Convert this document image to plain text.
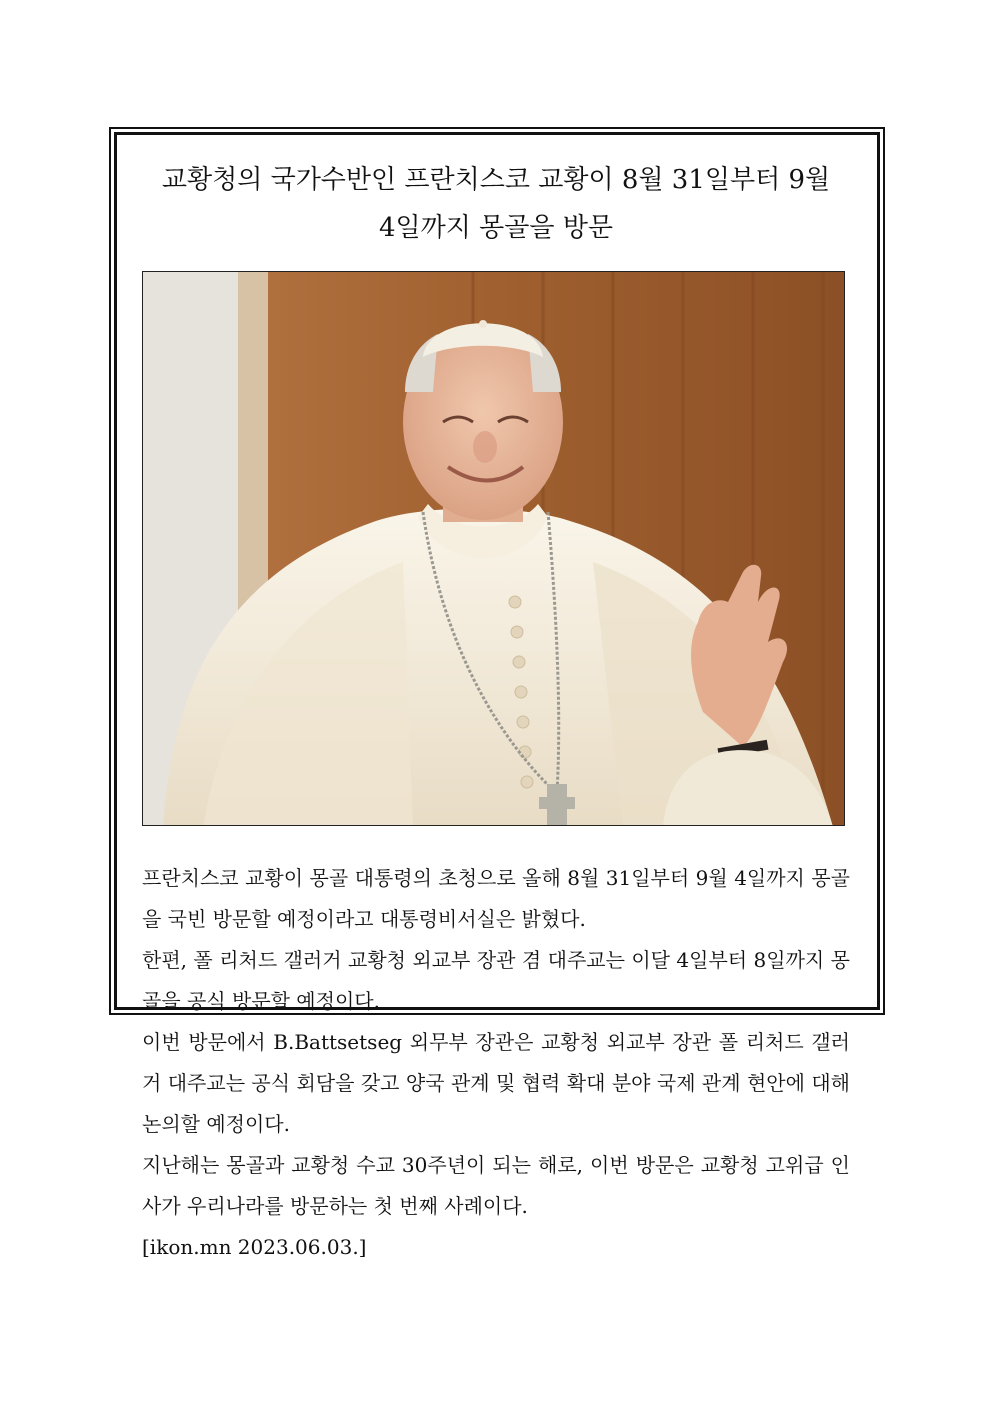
교황청의 국가수반인 프란치스코 교황이 8월 31일부터 9월
4일까지 몽골을 방문

프란치스코 교황이 몽골 대통령의 초청으로 올해 8월 31일부터 9월 4일까지 몽골을 국빈 방문할 예정이라고 대통령비서실은 밝혔다.

한편, 폴 리처드 갤러거 교황청 외교부 장관 겸 대주교는 이달 4일부터 8일까지 몽골을 공식 방문할 예정이다.

이번 방문에서 B.Battsetseg 외무부 장관은 교황청 외교부 장관 폴 리처드 갤러거 대주교는 공식 회담을 갖고 양국 관계 및 협력 확대 분야 국제 관계 현안에 대해 논의할 예정이다.

지난해는 몽골과 교황청 수교 30주년이 되는 해로, 이번 방문은 교황청 고위급 인사가 우리나라를 방문하는 첫 번째 사례이다.

[ikon.mn 2023.06.03.]
